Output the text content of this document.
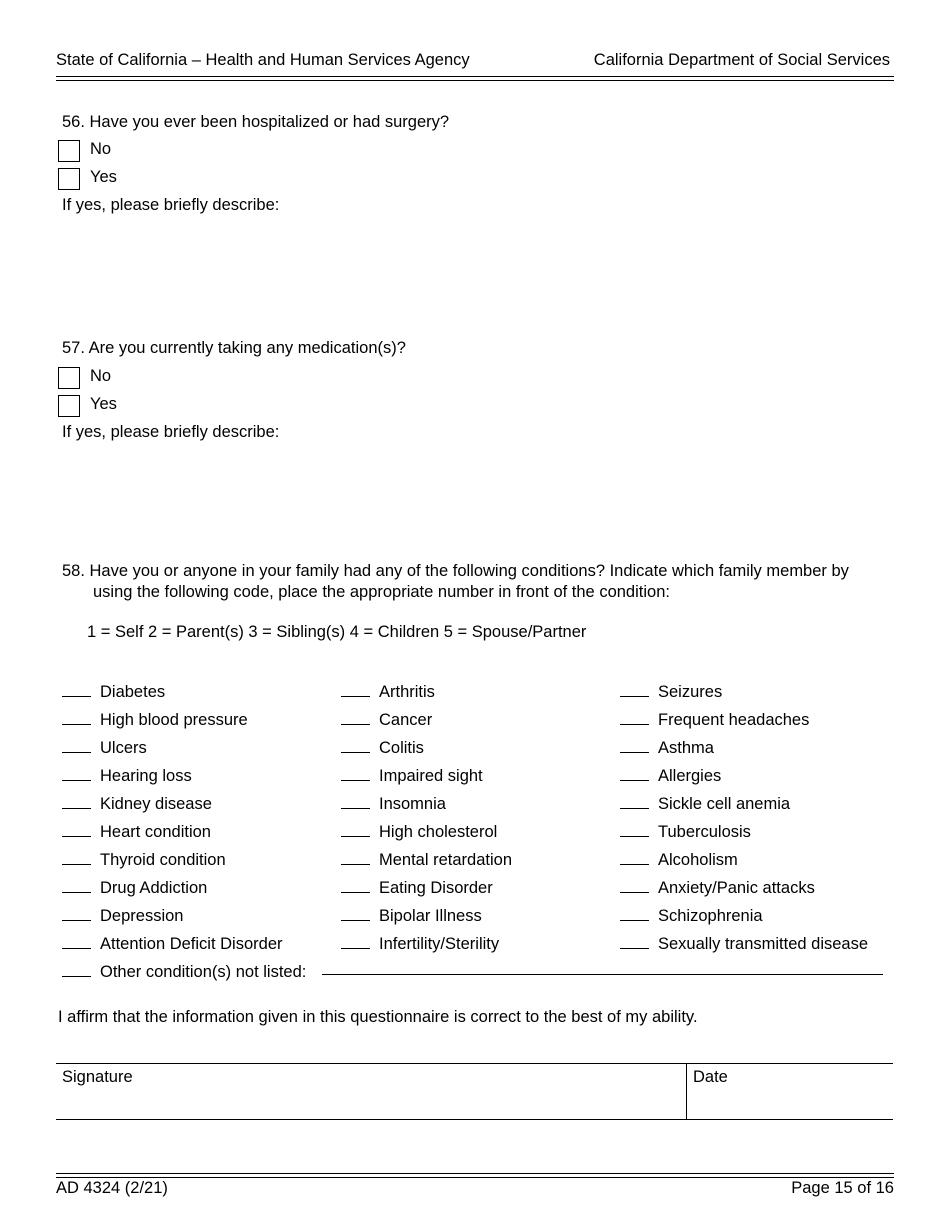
State of California – Health and Human Services Agency	California Department of Social Services
56. Have you ever been hospitalized or had surgery?
No
Yes
If yes, please briefly describe:
57. Are you currently taking any medication(s)?
No
Yes
If yes, please briefly describe:
58. Have you or anyone in your family had any of the following conditions? Indicate which family member by
using the following code, place the appropriate number in front of the condition:
1 = Self 2 = Parent(s) 3 = Sibling(s) 4 = Children 5 = Spouse/Partner
Diabetes
High blood pressure
Ulcers
Hearing loss
Kidney disease
Heart condition
Thyroid condition
Drug Addiction
Depression
Attention Deficit Disorder
Arthritis
Cancer
Colitis
Impaired sight
Insomnia
High cholesterol
Mental retardation
Eating Disorder
Bipolar Illness
Infertility/Sterility
Seizures
Frequent headaches
Asthma
Allergies
Sickle cell anemia
Tuberculosis
Alcoholism
Anxiety/Panic attacks
Schizophrenia
Sexually transmitted disease
Other condition(s) not listed:
I affirm that the information given in this questionnaire is correct to the best of my ability.
Signature	Date
AD 4324 (2/21)	Page 15 of 16
